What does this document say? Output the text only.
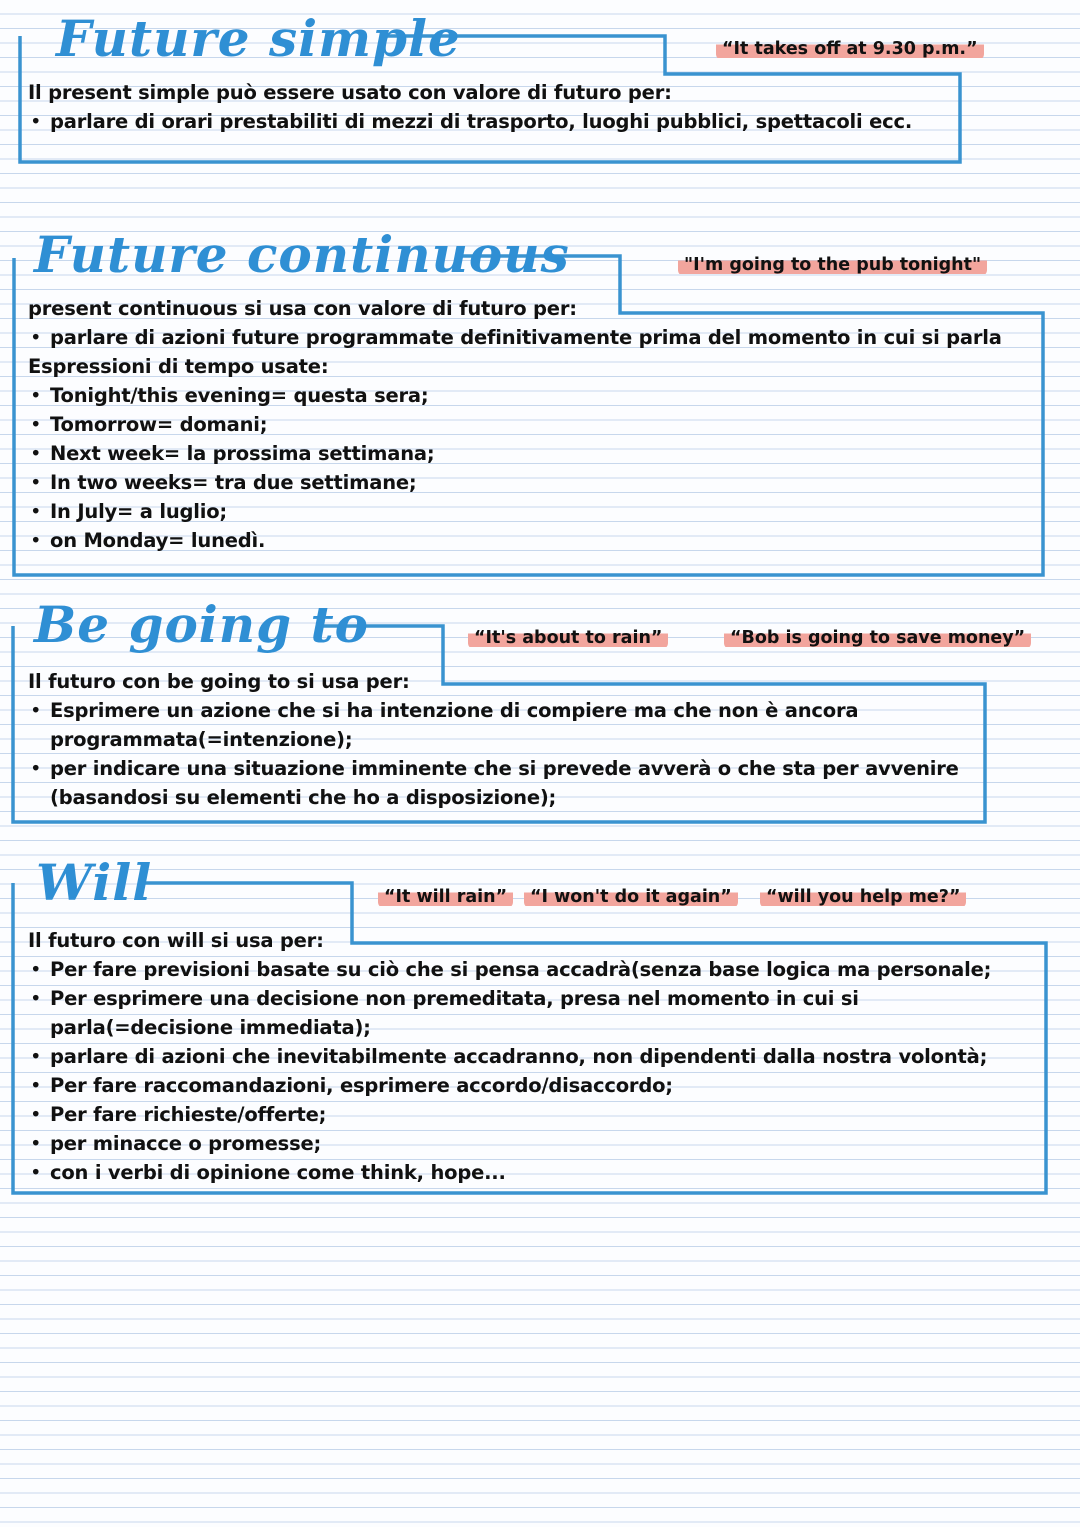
Future simple	“It takes off at 9.30 p.m.”

Il present simple può essere usato con valore di futuro per:

• parlare di orari prestabiliti di mezzi di trasporto, luoghi pubblici, spettacoli ecc.
Future continuous	"I'm going to the pub tonight"

present continuous si usa con valore di futuro per:

• parlare di azioni future programmate definitivamente prima del momento in cui si parla

Espressioni di tempo usate:

• Tonight/this evening= questa sera;
• Tomorrow= domani;
• Next week= la prossima settimana;
• In two weeks= tra due settimane;
• In July= a luglio;
• on Monday= lunedì.
Be going to	“It's about to rain”	“Bob is going to save money”

Il futuro con be going to si usa per:

• Esprimere un azione che si ha intenzione di compiere ma che non è ancora programmata(=intenzione);
• per indicare una situazione imminente che si prevede avverà o che sta per avvenire (basandosi su elementi che ho a disposizione);
Will	“It will rain”	“I won't do it again”	“will you help me?”

Il futuro con will si usa per:

• Per fare previsioni basate su ciò che si pensa accadrà(senza base logica ma personale;
• Per esprimere una decisione non premeditata, presa nel momento in cui si parla(=decisione immediata);
• parlare di azioni che inevitabilmente accadranno, non dipendenti dalla nostra volontà;
• Per fare raccomandazioni, esprimere accordo/disaccordo;
• Per fare richieste/offerte;
• per minacce o promesse;
• con i verbi di opinione come think, hope...
